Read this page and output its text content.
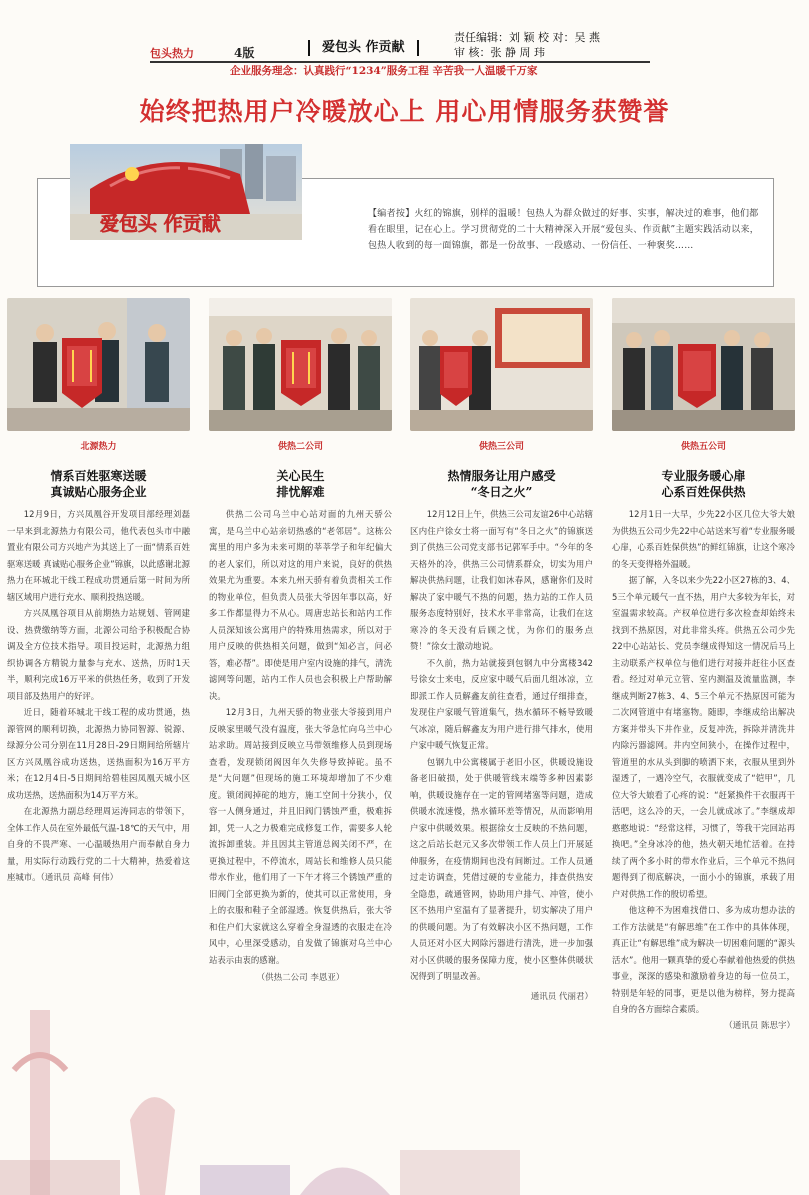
包头热力	4版	爱包头 作贡献
责任编辑：刘 颖 校 对：吴 燕
审 核：张 静 周 玮
企业服务理念：认真践行“1234”服务工程 辛苦我一人温暖千万家
始终把热用户冷暖放心上 用心用情服务获赞誉
爱包头 作贡献	【编者按】火红的锦旗，别样的温暖！包热人为群众做过的好事、实事，解决过的难事，他们都看在眼里，记在心上。学习贯彻党的二十大精神深入开展“爱包头、作贡献”主题实践活动以来，包热人收到的每一面锦旗，都是一份故事、一段感动、一份信任、一种褒奖……
北源热力	供热二公司	供热三公司	供热五公司
情系百姓驱寒送暖
真诚贴心服务企业
关心民生
排忧解难
热情服务让用户感受
“冬日之火”
专业服务暖心扉
心系百姓保供热

12月9日，方兴凤凰谷开发项目部经理刘磊一早来到北源热力有限公司，他代表包头市中融置业有限公司方兴地产为其送上了一面“情系百姓驱寒送暖 真诚贴心服务企业”锦旗，以此感谢北源热力在环城北干线工程成功贯通后第一时间为所辖区域用户进行充水、顺利投热送暖。

方兴凤凰谷项目从前期热力站规划、管网建设、热费缴纳等方面，北源公司给予积极配合协调及全方位技术指导。项目投运时，北源热力组织协调各方精锐力量参与充水、送热，历时1天半，顺利完成16万平米的供热任务，收到了开发项目部及热用户的好评。

近日，随着环城北干线工程的成功贯通，热源管网的顺利切换，北源热力协同智源、锐源、绿源分公司分别在11月28日-29日期间给所辖片区方兴凤凰谷成功送热，送热面积为16万平方米；在12月4日-5日期间给碧桂园凤凰天城小区成功送热，送热面积为14万平方米。

在北源热力副总经理周运涛同志的带领下，全体工作人员在室外最低气温-18℃的天气中，用自身的不畏严寒、一心温暖热用户而奉献自身力量，用实际行动践行党的二十大精神，热爱着这座城市。（通讯员 高峰 何伟）

供热二公司乌兰中心站对面的九州天骄公寓，是乌兰中心站亲切热惑的“老邻居”。这栋公寓里的用户多为未来可期的莘莘学子和年纪偏大的老人家们，所以对这的用户来说，良好的供热效果尤为重要。本来九州天骄有着负责相关工作的物业单位，但负责人员张大爷因年事以高，好多工作都显得力不从心。周唐忠站长和站内工作人员深知该公寓用户的特殊用热需求，所以对于用户反映的供热相关问题，做到“知必言，问必答，难必帮”。即使是用户室内设施的排气，清洗滤网等问题，站内工作人员也会积极上户帮助解决。

12月3日，九州天骄的物业张大爷接到用户反映家里暖气没有温度，张大爷急忙向乌兰中心站求助。周站接到反映立马带领维修人员到现场查看，发现锁闭阀因年久失修导致掉砣。虽不是“大问题”但现场的施工环境却增加了不少难度。锁闭阀掉砣的地方，施工空间十分狭小，仅容一人侧身通过，并且旧阀门锈蚀严重，极难拆卸，凭一人之力极难完成修复工作，需要多人轮流拆卸重装。并且因其主管道总阀关闭不严，在更换过程中，不停流水，周站长和维修人员只能带水作业，他们用了一下午才将三个锈蚀严重的旧阀门全部更换为新的，使其可以正常使用，身上的衣服和鞋子全部湿透。恢复供热后，张大爷和住户们大家就这么穿着全身湿透的衣服走在冷风中，心里深受感动，自发做了锦旗对乌兰中心站表示由衷的感谢。

（供热二公司 李恩亚）

12月12日上午，供热三公司友谊26中心站辖区内住户徐女士将一面写有“冬日之火”的锦旗送到了供热三公司党支部书记郭军手中。“今年的冬天格外的冷，供热三公司情系群众，切实为用户解决供热问题，让我们如沐春风，感谢你们及时解决了家中暖气不热的问题，热力站的工作人员服务态度特别好，技术水平非常高，让我们在这寒冷的冬天没有后顾之忧，为你们的服务点赞！”徐女士激动地说。

不久前，热力站就接到包钢九中分寓楼342号徐女士来电，反应家中暖气后面几组冰凉，立即派工作人员解鑫友前往查看，通过仔细排查，发现住户家暖气管道集气，热水循环不畅导致暖气冰凉，随后解鑫友为用户进行排气排水，使用户家中暖气恢复正常。

包钢九中公寓楼属于老旧小区，供暖设施设备老旧破损，处于供暖管线末端等多种因素影响，供暖设施存在一定的管网堵塞等问题，造成供暖水流速慢，热水循环差等情况，从而影响用户家中供暖效果。根据徐女士反映的不热问题，这之后站长赵元又多次带领工作人员上门开展延伸服务，在疫情期间也没有间断过。工作人员通过走访调查，凭借过硬的专业能力，排查供热安全隐患，疏通管网，协助用户排气、冲管，使小区不热用户室温有了显著提升，切实解决了用户的供暖问题。为了有效解决小区不热问题，工作人员还对小区大网除污器进行清洗，进一步加强对小区供暖的服务保障力度，使小区整体供暖状况得到了明显改善。

通讯员 代丽君）

12月1日一大早，少先22小区几位大爷大娘为供热五公司少先22中心站送来写着“专业服务暖心扉，心系百姓保供热”的鲜红锦旗，让这个寒冷的冬天变得格外温暖。

据了解，入冬以来少先22小区27栋的3、4、5三个单元暖气一直不热，用户大多较为年长，对室温需求较高。产权单位进行多次检查却始终未找到不热原因，对此非常头疼。供热五公司少先22中心站站长、党员李继成得知这一情况后马上主动联系产权单位与他们进行对接并赶往小区查看。经过对单元立管、室内测温及流量监测，李继成判断27栋3、4、5三个单元不热原因可能为二次网管道中有堵塞物。随即，李继成给出解决方案并带头下井作业，反复冲洗，拆除并清洗井内除污器滤网。井内空间狭小，在操作过程中，管道里的水从头到脚的喷洒下来，衣服从里到外湿透了，一遇冷空气，衣服就变成了“铠甲”，几位大爷大娘看了心疼的说：“赶紧换件干衣服再干活吧，这么冷的天，一会儿就成冰了。”李继成却憨憨地说：“经常这样，习惯了，等我干完回站再换吧。”全身冰冷的他，热火朝天地忙活着。在持续了两个多小时的带水作业后，三个单元不热问题得到了彻底解决，一面小小的锦旗，承载了用户对供热工作的殷切希望。

他这种不为困难找借口、多为成功想办法的工作方法就是“有解思维”在工作中的具体体现，真正让“有解思维”成为解决一切困难问题的“源头活水”。他用一颗真挚的爱心奉献着他热爱的供热事业，深深的感染和激励着身边的每一位员工，特别是年轻的同事，更是以他为榜样，努力提高自身的各方面综合素质。

（通讯员 陈思宇）
